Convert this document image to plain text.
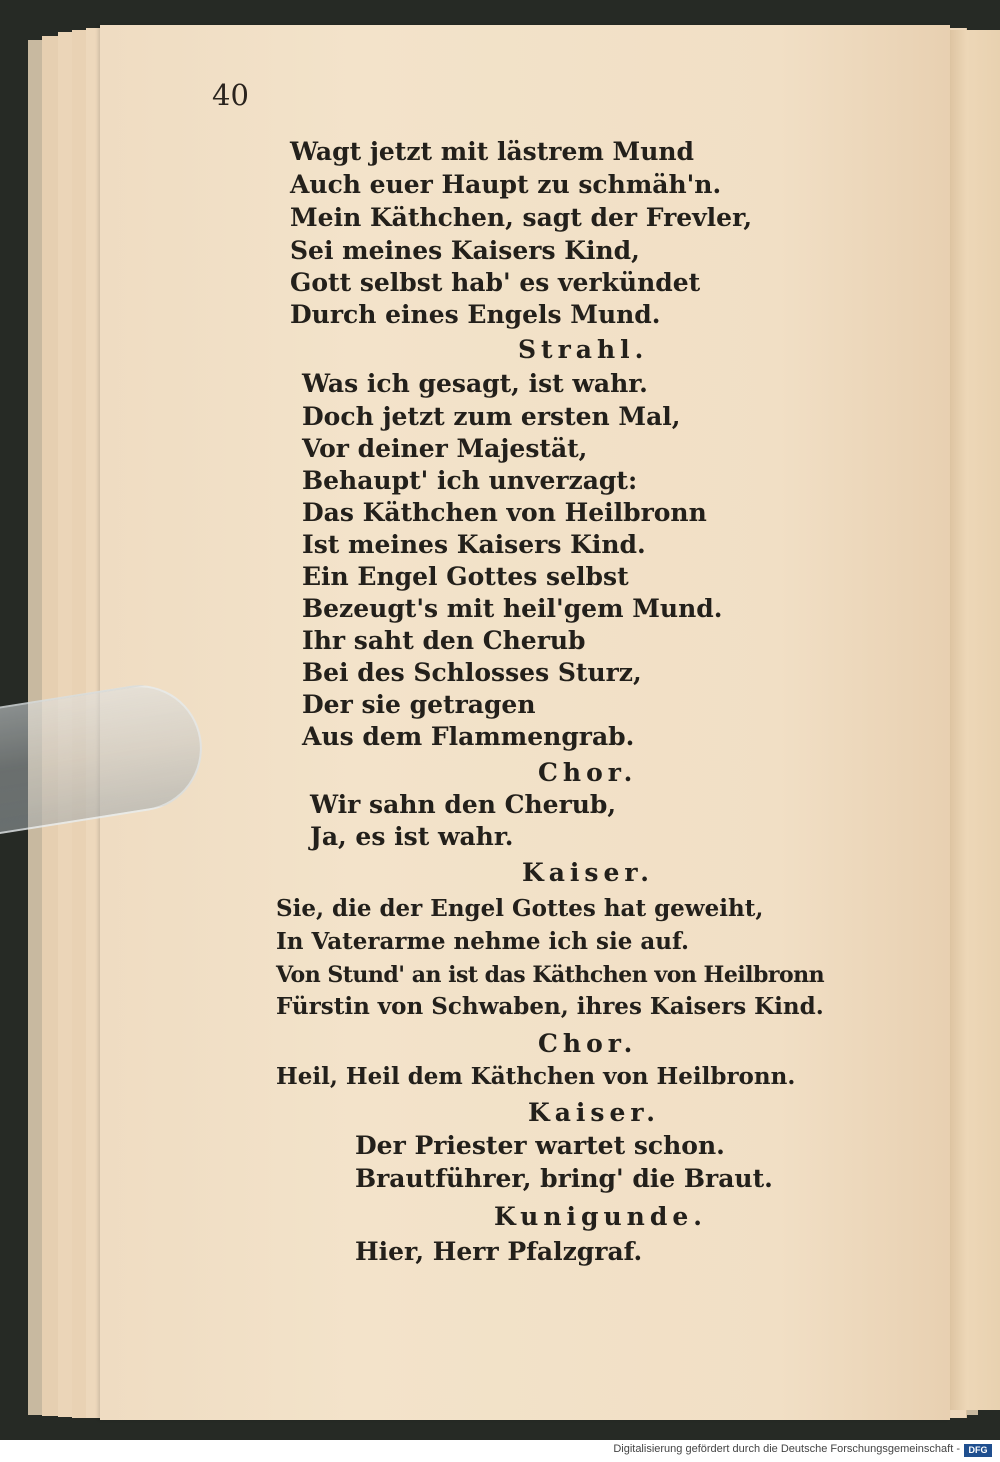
40
Wagt jetzt mit lästrem Mund
Auch euer Haupt zu schmäh'n.
Mein Käthchen, sagt der Frevler,
Sei meines Kaisers Kind,
Gott selbst hab' es verkündet
Durch eines Engels Mund.
Strahl.
Was ich gesagt, ist wahr.
Doch jetzt zum ersten Mal,
Vor deiner Majestät,
Behaupt' ich unverzagt:
Das Käthchen von Heilbronn
Ist meines Kaisers Kind.
Ein Engel Gottes selbst
Bezeugt's mit heil'gem Mund.
Ihr saht den Cherub
Bei des Schlosses Sturz,
Der sie getragen
Aus dem Flammengrab.
Chor.
Wir sahn den Cherub,
Ja, es ist wahr.
Kaiser.
Sie, die der Engel Gottes hat geweiht,
In Vaterarme nehme ich sie auf.
Von Stund' an ist das Käthchen von Heilbronn
Fürstin von Schwaben, ihres Kaisers Kind.
Chor.
Heil, Heil dem Käthchen von Heilbronn.
Kaiser.
Der Priester wartet schon.
Brautführer, bring' die Braut.
Kunigunde.
Hier, Herr Pfalzgraf.
Digitalisierung gefördert durch die Deutsche Forschungsgemeinschaft - DFG
